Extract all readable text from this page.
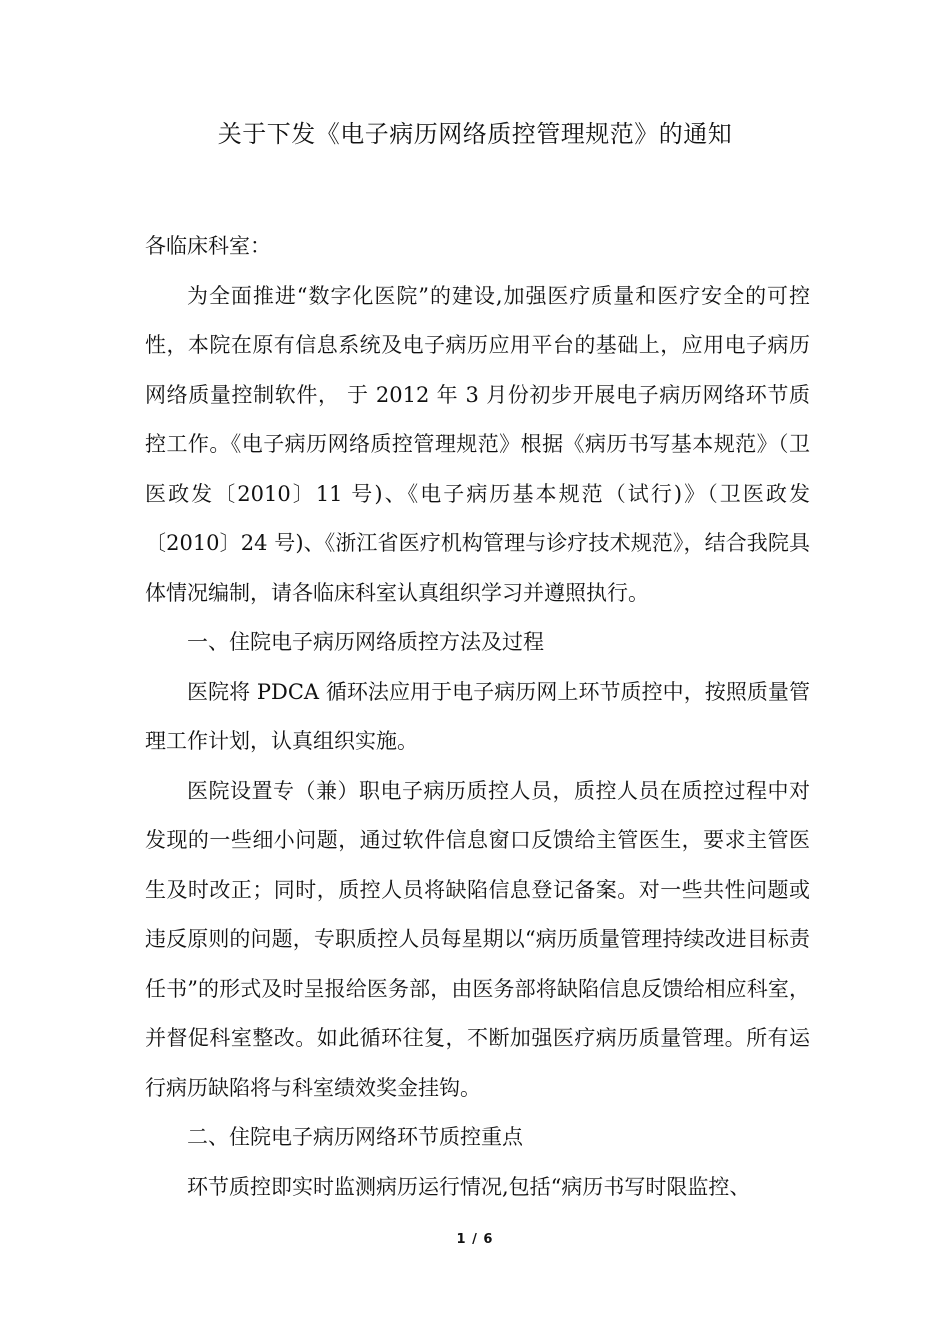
关于下发《电子病历网络质控管理规范》的通知

各临床科室：

为全面推进“数字化医院”的建设,加强医疗质量和医疗安全的可控性，本院在原有信息系统及电子病历应用平台的基础上，应用电子病历网络质量控制软件， 于 2012 年 3 月份初步开展电子病历网络环节质控工作。《电子病历网络质控管理规范》根据《病历书写基本规范》（卫医政发〔2010〕11 号)、《电子病历基本规范（试行)》（卫医政发〔2010〕24 号)、《浙江省医疗机构管理与诊疗技术规范》，结合我院具体情况编制，请各临床科室认真组织学习并遵照执行。

一、住院电子病历网络质控方法及过程

医院将 PDCA 循环法应用于电子病历网上环节质控中，按照质量管理工作计划，认真组织实施。

医院设置专（兼）职电子病历质控人员，质控人员在质控过程中对发现的一些细小问题，通过软件信息窗口反馈给主管医生，要求主管医生及时改正；同时，质控人员将缺陷信息登记备案。对一些共性问题或违反原则的问题，专职质控人员每星期以“病历质量管理持续改进目标责任书”的形式及时呈报给医务部，由医务部将缺陷信息反馈给相应科室，并督促科室整改。如此循环往复，不断加强医疗病历质量管理。所有运行病历缺陷将与科室绩效奖金挂钩。

二、住院电子病历网络环节质控重点

环节质控即实时监测病历运行情况,包括“病历书写时限监控、

1 / 6
